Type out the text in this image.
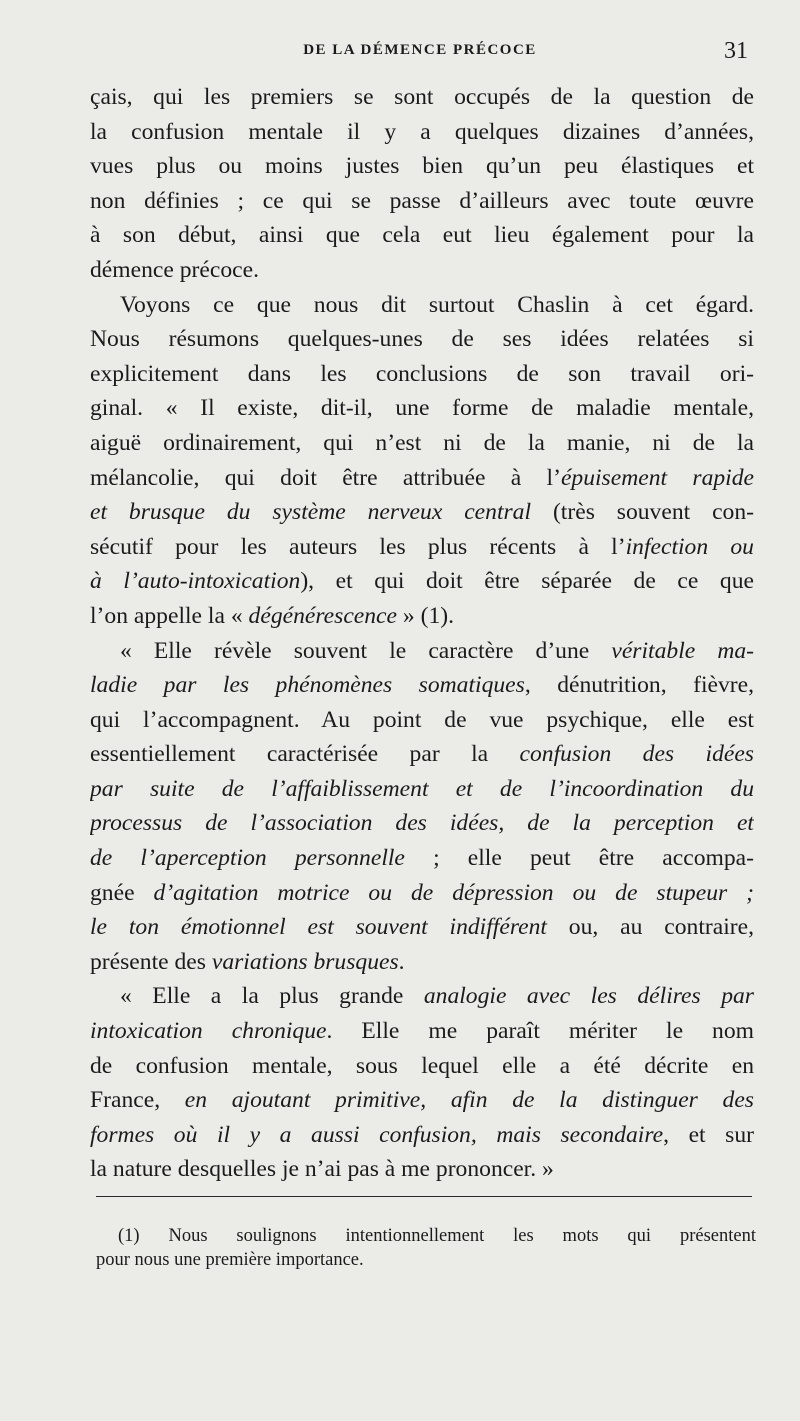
DE LA DÉMENCE PRÉCOCE	31
çais, qui les premiers se sont occupés de la question de
la confusion mentale il y a quelques dizaines d’années,
vues plus ou moins justes bien qu’un peu élastiques et
non définies ; ce qui se passe d’ailleurs avec toute œuvre
à son début, ainsi que cela eut lieu également pour la
démence précoce.
Voyons ce que nous dit surtout Chaslin à cet égard.
Nous résumons quelques-unes de ses idées relatées si
explicitement dans les conclusions de son travail ori-
ginal. « Il existe, dit-il, une forme de maladie mentale,
aiguë ordinairement, qui n’est ni de la manie, ni de la
mélancolie, qui doit être attribuée à l’épuisement rapide
et brusque du système nerveux central (très souvent con-
sécutif pour les auteurs les plus récents à l’infection ou
à l’auto-intoxication), et qui doit être séparée de ce que
l’on appelle la « dégénérescence » (1).
« Elle révèle souvent le caractère d’une véritable ma-
ladie par les phénomènes somatiques, dénutrition, fièvre,
qui l’accompagnent. Au point de vue psychique, elle est
essentiellement caractérisée par la confusion des idées
par suite de l’affaiblissement et de l’incoordination du
processus de l’association des idées, de la perception et
de l’aperception personnelle ; elle peut être accompa-
gnée d’agitation motrice ou de dépression ou de stupeur ;
le ton émotionnel est souvent indifférent ou, au contraire,
présente des variations brusques.
« Elle a la plus grande analogie avec les délires par
intoxication chronique. Elle me paraît mériter le nom
de confusion mentale, sous lequel elle a été décrite en
France, en ajoutant primitive, afin de la distinguer des
formes où il y a aussi confusion, mais secondaire, et sur
la nature desquelles je n’ai pas à me prononcer. »
(1) Nous soulignons intentionnellement les mots qui présentent
pour nous une première importance.
